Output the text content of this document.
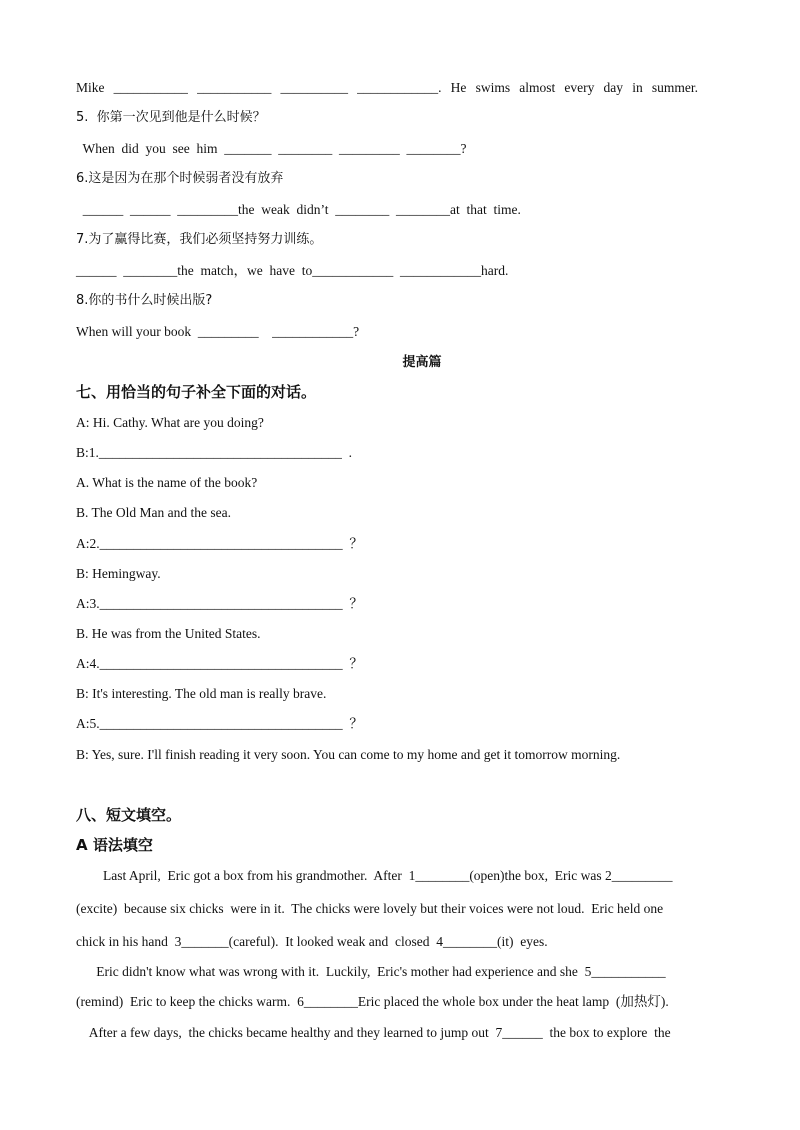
Mike ___________ ___________ __________ ____________. He swims almost every day in summer.
5.  你第一次见到他是什么时候？
When  did  you  see  him  _______  ________  _________  ________?
6.这是因为在那个时候弱者没有放弃
______  ______  _________the  weak  didn’t  ________  ________at  that  time.
7.为了赢得比赛，我们必须坚持努力训练。
______  ________the  match，we  have  to____________  ____________hard.
8.你的书什么时候出版?
When will your book  _________    ____________?
提高篇
七、用恰当的句子补全下面的对话。
A: Hi. Cathy. What are you doing?
B:1.____________________________________  .
A. What is the name of the book?
B. The Old Man and the sea.
A:2.____________________________________  ？
B: Hemingway.
A:3.____________________________________  ？
B. He was from the United States.
A:4.____________________________________  ？
B: It's interesting. The old man is really brave.
A:5.____________________________________  ？
B: Yes, sure. I'll finish reading it very soon. You can come to my home and get it tomorrow morning.
八、短文填空。
A 语法填空
Last April,  Eric got a box from his grandmother.  After  1________(open)the box,  Eric was 2_________
(excite)  because six chicks  were in it.  The chicks were lovely but their voices were not loud.  Eric held one
chick in his hand  3_______(careful).  It looked weak and  closed  4________(it)  eyes.
Eric didn't know what was wrong with it.  Luckily,  Eric's mother had experience and she  5___________
(remind)  Eric to keep the chicks warm.  6________Eric placed the whole box under the heat lamp  (加热灯).
After a few days,  the chicks became healthy and they learned to jump out  7______  the box to explore  the
